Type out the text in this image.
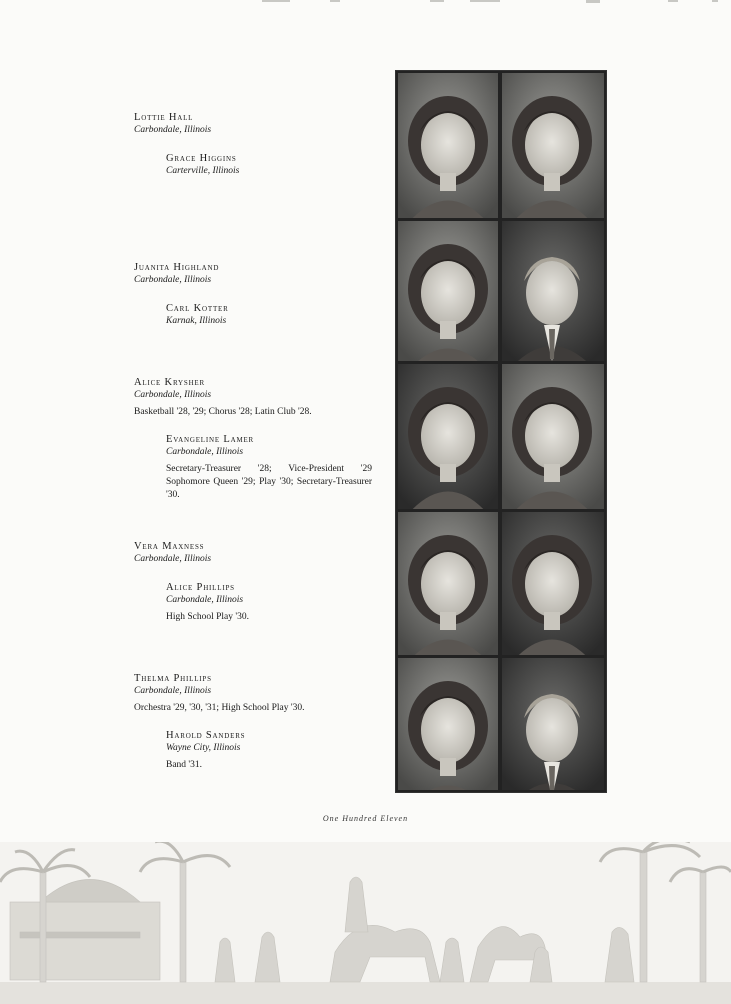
Lottie Hall
Carbondale, Illinois
Grace Higgins
Carterville, Illinois
Juanita Highland
Carbondale, Illinois
Carl Kotter
Karnak, Illinois
Alice Krysher
Carbondale, Illinois
Basketball '28, '29; Chorus '28; Latin Club '28.
Evangeline Lamer
Carbondale, Illinois
Secretary-Treasurer '28; Vice-President '29 Sophomore Queen '29; Play '30; Secretary-Treasurer '30.
Vera Maxness
Carbondale, Illinois
Alice Phillips
Carbondale, Illinois
High School Play '30.
Thelma Phillips
Carbondale, Illinois
Orchestra '29, '30, '31; High School Play '30.
Harold Sanders
Wayne City, Illinois
Band '31.
One Hundred Eleven
